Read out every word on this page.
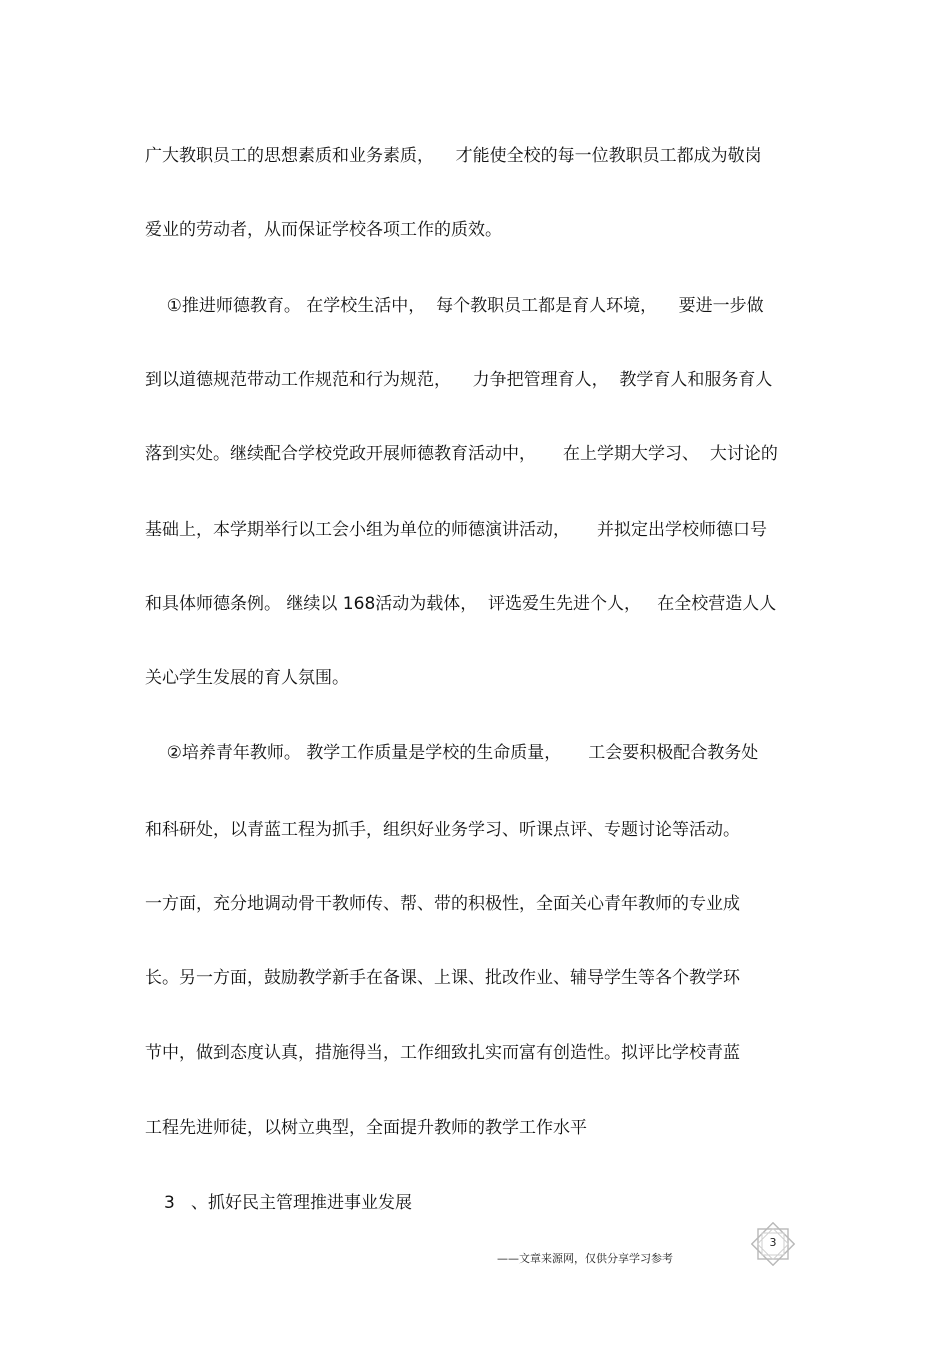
广大教职员工的思想素质和业务素质，    才能使全校的每一位教职员工都成为敬岗

爱业的劳动者，从而保证学校各项工作的质效。

①推进师德教育。 在学校生活中，  每个教职员工都是育人环境，    要进一步做

到以道德规范带动工作规范和行为规范，    力争把管理育人，  教学育人和服务育人

落到实处。继续配合学校党政开展师德教育活动中，     在上学期大学习、  大讨论的

基础上，本学期举行以工会小组为单位的师德演讲活动，     并拟定出学校师德口号

和具体师德条例。 继续以 168活动为载体，  评选爱生先进个人，   在全校营造人人

关心学生发展的育人氛围。

②培养青年教师。 教学工作质量是学校的生命质量，     工会要积极配合教务处

和科研处，以青蓝工程为抓手，组织好业务学习、听课点评、专题讨论等活动。

一方面，充分地调动骨干教师传、帮、带的积极性，全面关心青年教师的专业成

长。另一方面，鼓励教学新手在备课、上课、批改作业、辅导学生等各个教学环

节中，做到态度认真，措施得当，工作细致扎实而富有创造性。拟评比学校青蓝

工程先进师徒，以树立典型，全面提升教师的教学工作水平

3   、抓好民主管理推进事业发展
3
——文章来源网，仅供分享学习参考
